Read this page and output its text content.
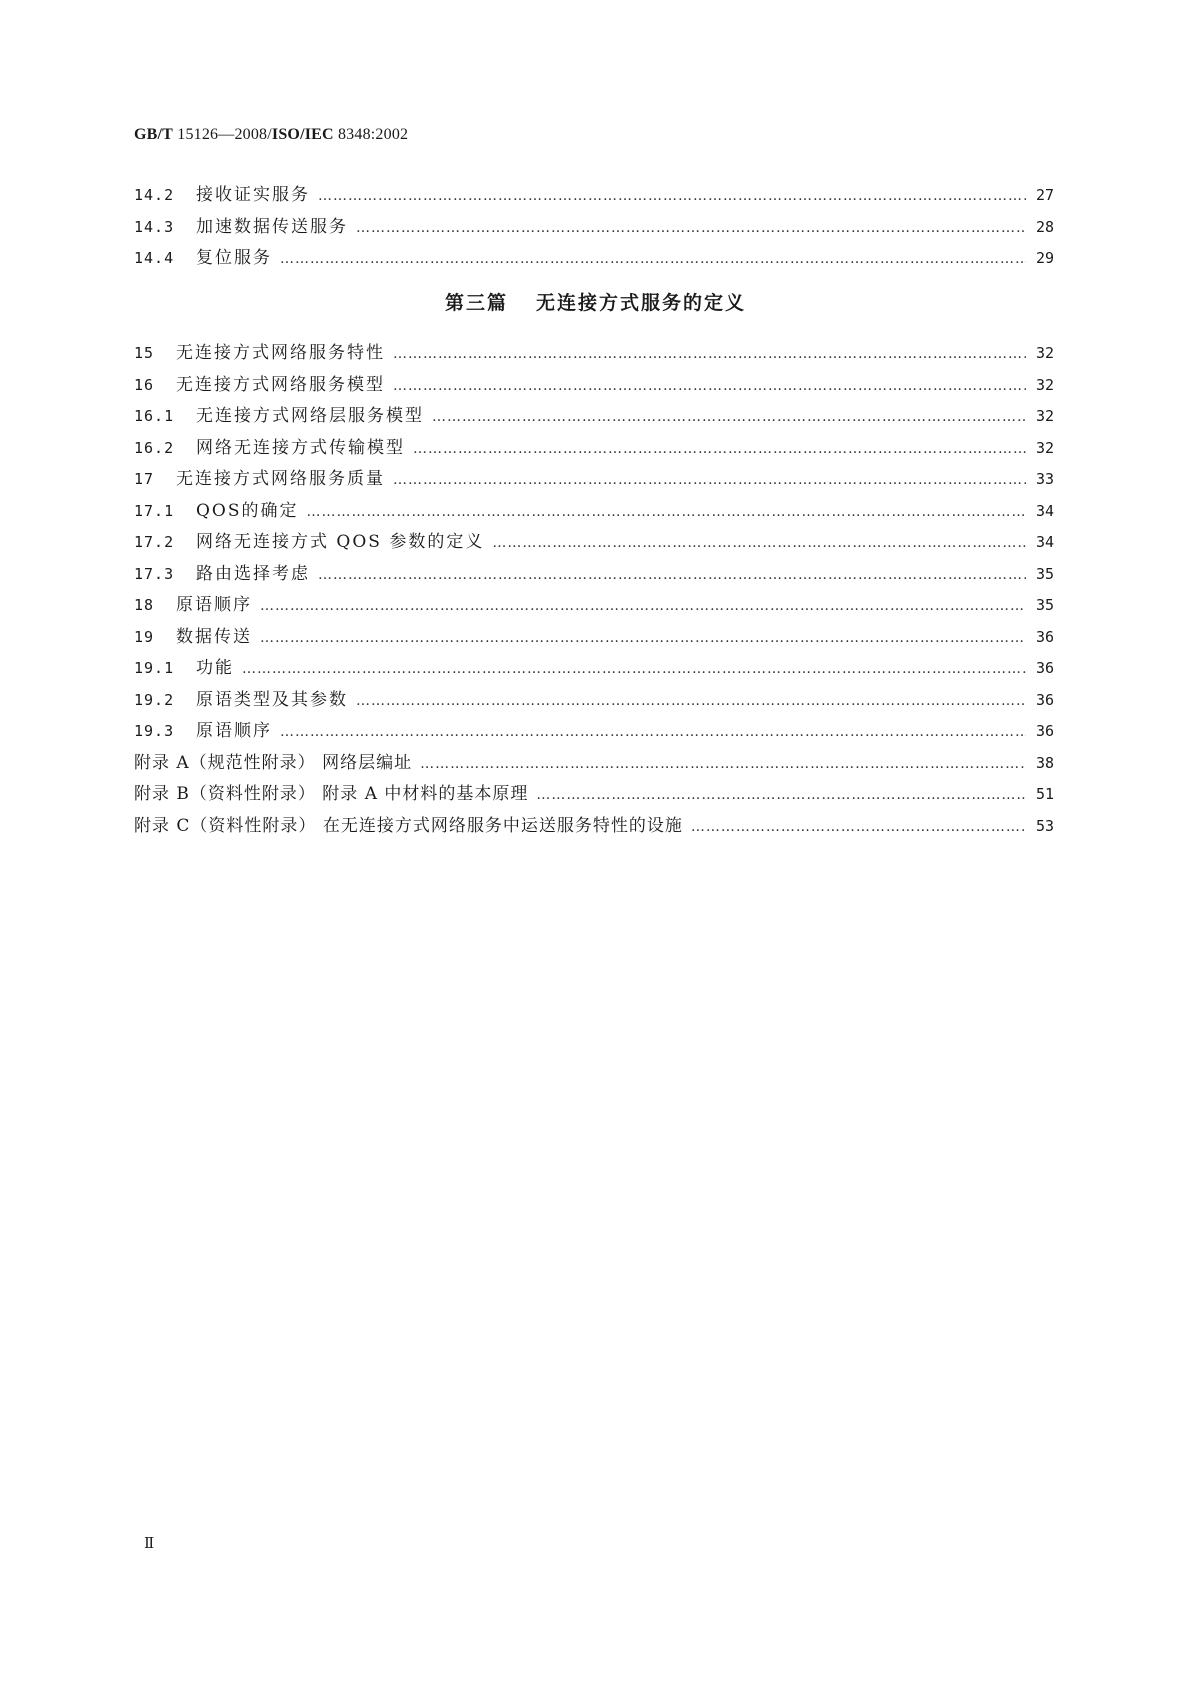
GB/T 15126—2008/ISO/IEC 8348:2002
14.2	接收证实服务 …………………………………………………………………………………………………………………………………………………………………………………………………………	27
14.3	加速数据传送服务 …………………………………………………………………………………………………………………………………………………………………………………………………………	28
14.4	复位服务 …………………………………………………………………………………………………………………………………………………………………………………………………………	29
第三篇 无连接方式服务的定义
15	无连接方式网络服务特性 …………………………………………………………………………………………………………………………………………………………………………………………………………	32
16	无连接方式网络服务模型 …………………………………………………………………………………………………………………………………………………………………………………………………………	32
16.1	无连接方式网络层服务模型 …………………………………………………………………………………………………………………………………………………………………………………………………………	32
16.2	网络无连接方式传输模型 …………………………………………………………………………………………………………………………………………………………………………………………………………	32
17	无连接方式网络服务质量 …………………………………………………………………………………………………………………………………………………………………………………………………………	33
17.1	QOS的确定 …………………………………………………………………………………………………………………………………………………………………………………………………………	34
17.2	网络无连接方式 QOS 参数的定义 …………………………………………………………………………………………………………………………………………………………………………………………………………	34
17.3	路由选择考虑 …………………………………………………………………………………………………………………………………………………………………………………………………………	35
18	原语顺序 …………………………………………………………………………………………………………………………………………………………………………………………………………	35
19	数据传送 …………………………………………………………………………………………………………………………………………………………………………………………………………	36
19.1	功能 …………………………………………………………………………………………………………………………………………………………………………………………………………	36
19.2	原语类型及其参数 …………………………………………………………………………………………………………………………………………………………………………………………………………	36
19.3	原语顺序 …………………………………………………………………………………………………………………………………………………………………………………………………………	36
附录 A（规范性附录） 网络层编址 …………………………………………………………………………………………………………………………………………………………………………………………………………	38
附录 B（资料性附录） 附录 A 中材料的基本原理 …………………………………………………………………………………………………………………………………………………………………………………………………………	51
附录 C（资料性附录） 在无连接方式网络服务中运送服务特性的设施 …………………………………………………………………………………………………………………………………………………………………………………………………………	53
Ⅱ
